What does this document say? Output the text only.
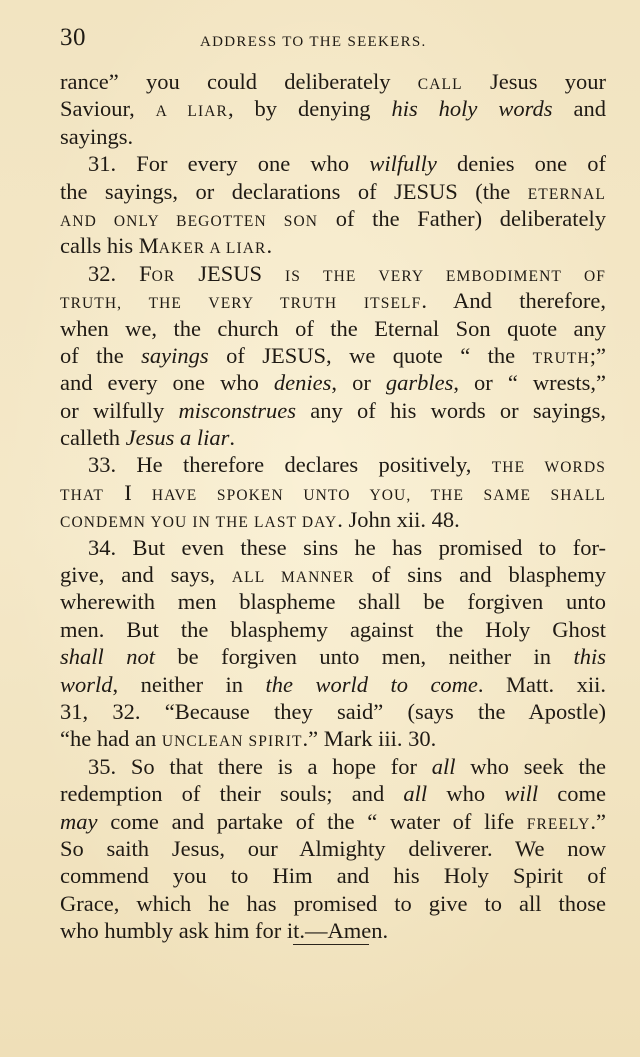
30	ADDRESS TO THE SEEKERS.
rance” you could deliberately CALL Jesus your
Saviour, A LIAR, by denying his holy words and
sayings.
31. For every one who wilfully denies one of
the sayings, or declarations of JESUS (the ETERNAL
AND ONLY BEGOTTEN SON of the Father) deliberately
calls his MAKER A LIAR.
32. FOR JESUS IS THE VERY EMBODIMENT OF
TRUTH, THE VERY TRUTH ITSELF. And therefore,
when we, the church of the Eternal Son quote any
of the sayings of JESUS, we quote “ the TRUTH;”
and every one who denies, or garbles, or “ wrests,”
or wilfully misconstrues any of his words or sayings,
calleth Jesus a liar.
33. He therefore declares positively, THE WORDS
THAT I HAVE SPOKEN UNTO YOU, THE SAME SHALL
CONDEMN YOU IN THE LAST DAY. John xii. 48.
34. But even these sins he has promised to for-
give, and says, ALL MANNER of sins and blasphemy
wherewith men blaspheme shall be forgiven unto
men. But the blasphemy against the Holy Ghost
shall not be forgiven unto men, neither in this
world, neither in the world to come. Matt. xii.
31, 32. “Because they said” (says the Apostle)
“he had an UNCLEAN SPIRIT.” Mark iii. 30.
35. So that there is a hope for all who seek the
redemption of their souls; and all who will come
may come and partake of the “ water of life FREELY.”
So saith Jesus, our Almighty deliverer. We now
commend you to Him and his Holy Spirit of
Grace, which he has promised to give to all those
who humbly ask him for it.—Amen.
